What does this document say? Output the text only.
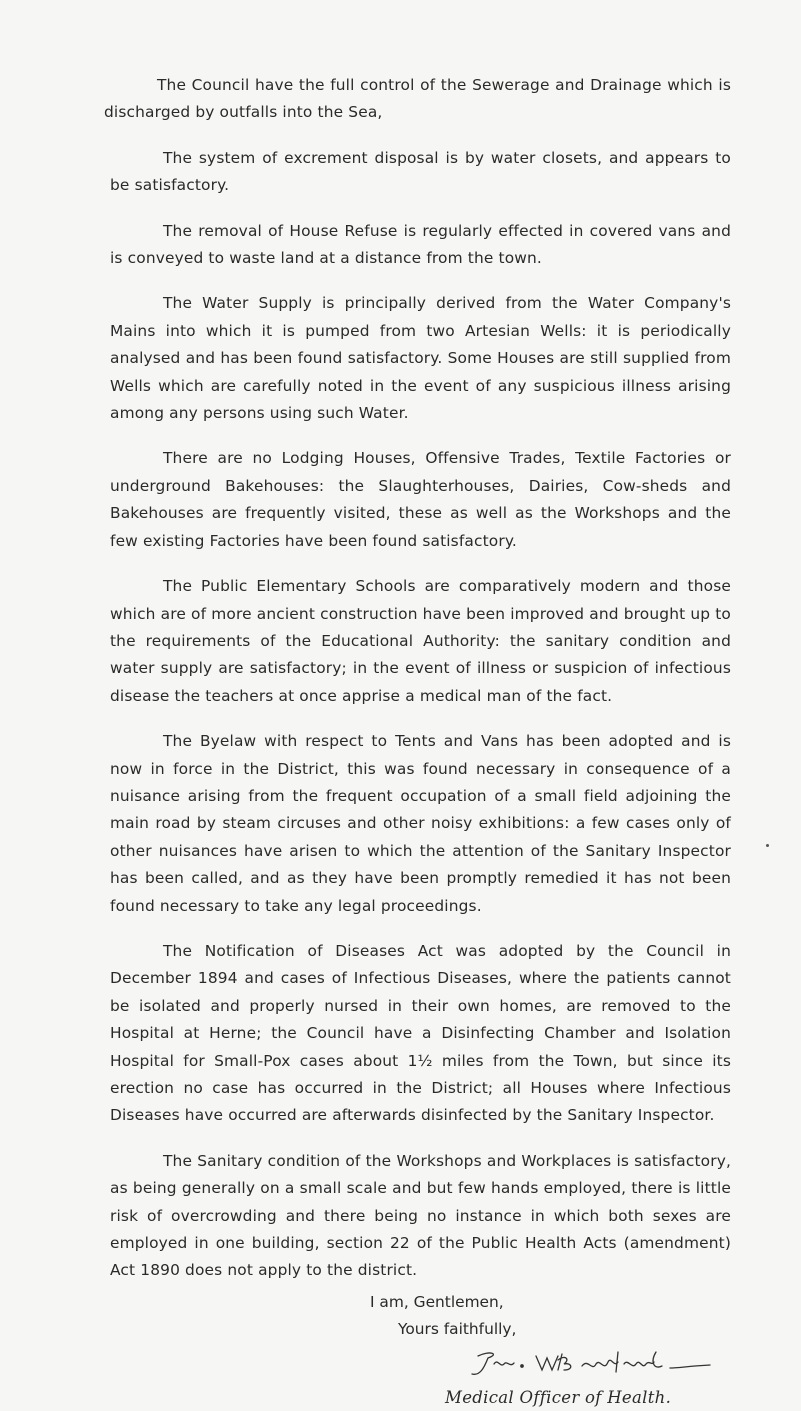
The Council have the full control of the Sewerage and Drainage which is discharged by outfalls into the Sea,

The system of excrement disposal is by water closets, and appears to be satisfactory.

The removal of House Refuse is regularly effected in covered vans and is conveyed to waste land at a distance from the town.

The Water Supply is principally derived from the Water Company's Mains into which it is pumped from two Artesian Wells: it is periodically analysed and has been found satisfactory. Some Houses are still supplied from Wells which are carefully noted in the event of any suspicious illness arising among any persons using such Water.

There are no Lodging Houses, Offensive Trades, Textile Factories or underground Bakehouses: the Slaughterhouses, Dairies, Cow-sheds and Bakehouses are frequently visited, these as well as the Workshops and the few existing Factories have been found satisfactory.

The Public Elementary Schools are comparatively modern and those which are of more ancient construction have been improved and brought up to the requirements of the Educational Authority: the sanitary condition and water supply are satisfactory; in the event of illness or suspicion of infectious disease the teachers at once apprise a medical man of the fact.

The Byelaw with respect to Tents and Vans has been adopted and is now in force in the District, this was found necessary in consequence of a nuisance arising from the frequent occupation of a small field adjoining the main road by steam circuses and other noisy exhibitions: a few cases only of other nuisances have arisen to which the attention of the Sanitary Inspector has been called, and as they have been promptly remedied it has not been found necessary to take any legal proceedings.

The Notification of Diseases Act was adopted by the Council in December 1894 and cases of Infectious Diseases, where the patients cannot be isolated and properly nursed in their own homes, are removed to the Hospital at Herne; the Council have a Disinfecting Chamber and Isolation Hospital for Small-Pox cases about 1½ miles from the Town, but since its erection no case has occurred in the District; all Houses where Infectious Diseases have occurred are afterwards disinfected by the Sanitary Inspector.

The Sanitary condition of the Workshops and Workplaces is satisfactory, as being generally on a small scale and but few hands employed, there is little risk of overcrowding and there being no instance in which both sexes are employed in one building, section 22 of the Public Health Acts (amendment) Act 1890 does not apply to the district.

I am, Gentlemen,
Yours faithfully,
Medical Officer of Health.
